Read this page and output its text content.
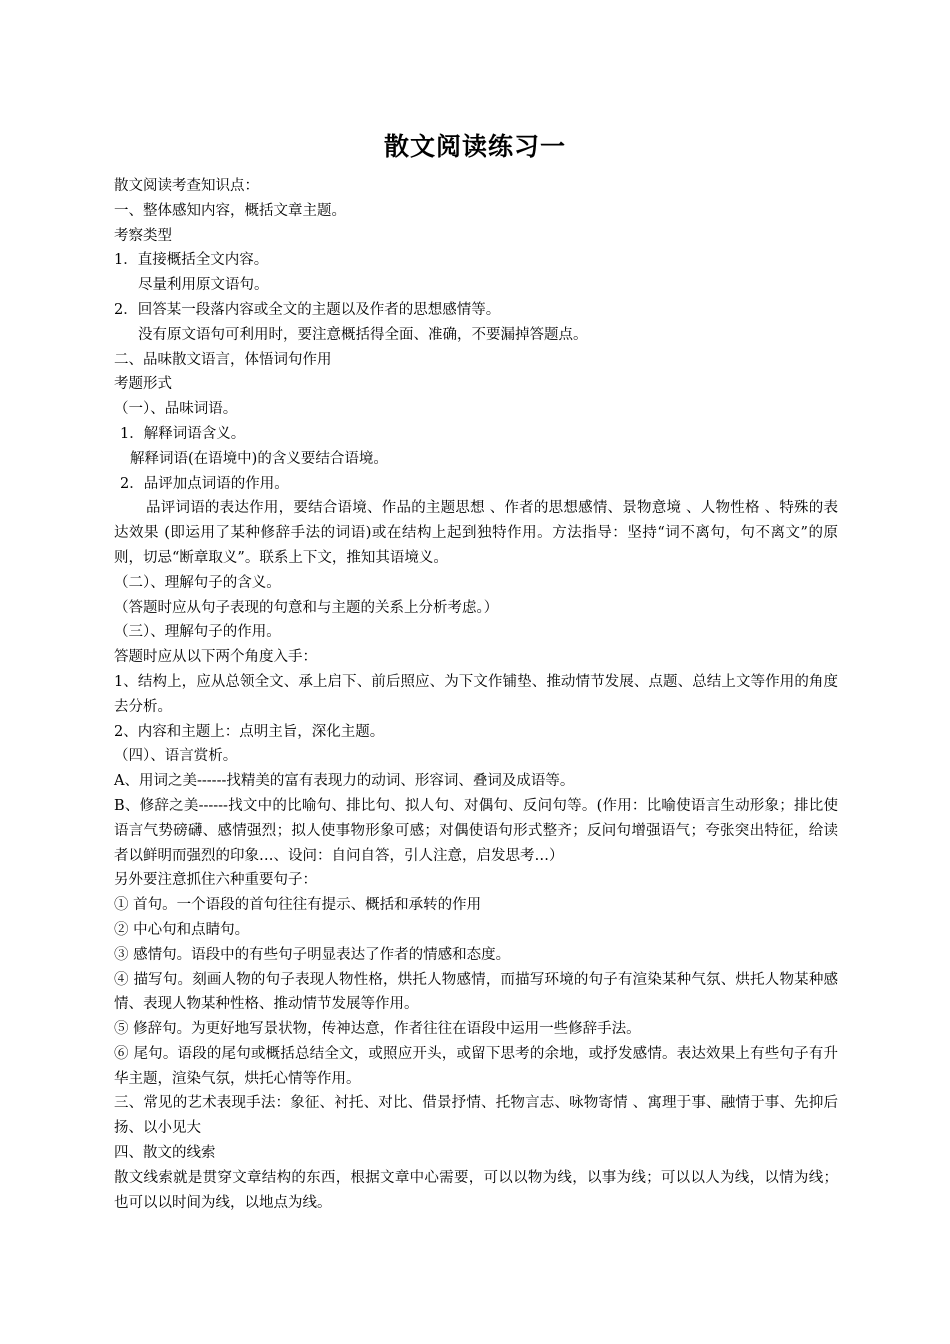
散文阅读练习一

散文阅读考查知识点：

一、整体感知内容，概括文章主题。

考察类型

1．直接概括全文内容。

尽量利用原文语句。

2．回答某一段落内容或全文的主题以及作者的思想感情等。

没有原文语句可利用时，要注意概括得全面、准确，不要漏掉答题点。

二、品味散文语言，体悟词句作用

考题形式

（一）、品味词语。

1．解释词语含义。

解释词语(在语境中)的含义要结合语境。

2．品评加点词语的作用。

品评词语的表达作用，要结合语境、作品的主题思想 、作者的思想感情、景物意境 、人物性格 、特殊的表达效果 (即运用了某种修辞手法的词语)或在结构上起到独特作用。方法指导：坚持“词不离句，句不离文”的原则，切忌“断章取义”。联系上下文，推知其语境义。

（二）、理解句子的含义。

（答题时应从句子表现的句意和与主题的关系上分析考虑。）

（三）、理解句子的作用。

答题时应从以下两个角度入手：

1、结构上，应从总领全文、承上启下、前后照应、为下文作铺垫、推动情节发展、点题、总结上文等作用的角度去分析。

2、内容和主题上：点明主旨，深化主题。

（四）、语言赏析。

A、用词之美------找精美的富有表现力的动词、形容词、叠词及成语等。

B、修辞之美------找文中的比喻句、排比句、拟人句、对偶句、反问句等。(作用：比喻使语言生动形象；排比使语言气势磅礴、感情强烈；拟人使事物形象可感；对偶使语句形式整齐；反问句增强语气；夸张突出特征，给读者以鲜明而强烈的印象…、设问：自问自答，引人注意，启发思考…）

另外要注意抓住六种重要句子：

① 首句。一个语段的首句往往有提示、概括和承转的作用

② 中心句和点睛句。

③ 感情句。语段中的有些句子明显表达了作者的情感和态度。

④ 描写句。刻画人物的句子表现人物性格，烘托人物感情，而描写环境的句子有渲染某种气氛、烘托人物某种感情、表现人物某种性格、推动情节发展等作用。

⑤ 修辞句。为更好地写景状物，传神达意，作者往往在语段中运用一些修辞手法。

⑥ 尾句。语段的尾句或概括总结全文，或照应开头，或留下思考的余地，或抒发感情。表达效果上有些句子有升华主题，渲染气氛，烘托心情等作用。

三、常见的艺术表现手法：象征、衬托、对比、借景抒情、托物言志、咏物寄情 、寓理于事、融情于事、先抑后扬、以小见大

四、散文的线索

散文线索就是贯穿文章结构的东西，根据文章中心需要，可以以物为线，以事为线；可以以人为线，以情为线；也可以以时间为线，以地点为线。
